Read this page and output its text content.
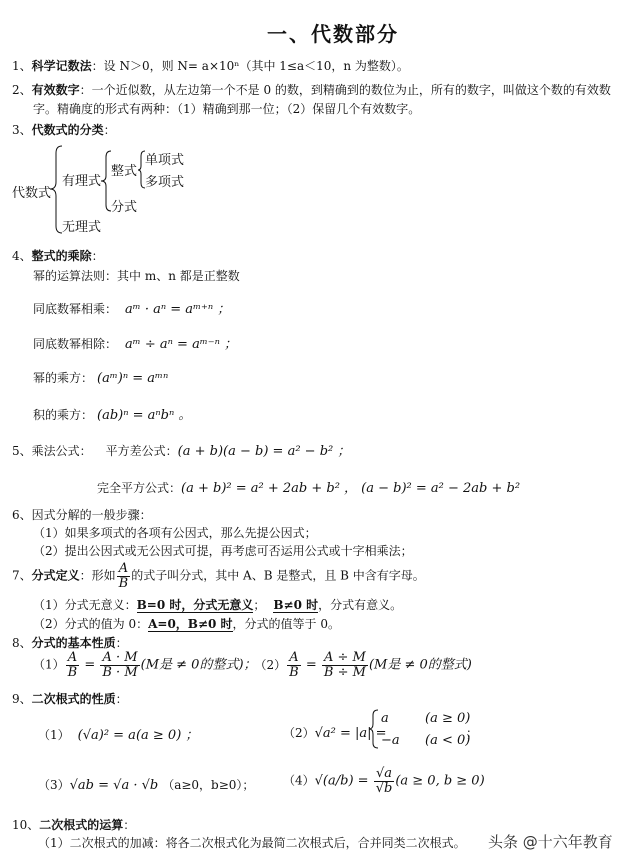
一、代数部分
1、科学记数法：设 N＞0，则 N= a×10ⁿ（其中 1≤a＜10，n 为整数）。
2、有效数字：一个近似数，从左边第一个不是 0 的数，到精确到的数位为止，所有的数字，叫做这个数的有效数
字。精确度的形式有两种：（1）精确到那一位；（2）保留几个有效数字。
3、代数式的分类：
代数式
有理式
无理式
整式
分式
单项式
多项式
4、整式的乘除：
幂的运算法则：其中 m、n 都是正整数
同底数幂相乘： aᵐ · aⁿ = aᵐ⁺ⁿ ；
同底数幂相除： aᵐ ÷ aⁿ = aᵐ⁻ⁿ ；
幂的乘方： (aᵐ)ⁿ = aᵐⁿ
积的乘方： (ab)ⁿ = aⁿbⁿ 。
5、乘法公式： 平方差公式：(a + b)(a − b) = a² − b² ；
完全平方公式：(a + b)² = a² + 2ab + b² ， (a − b)² = a² − 2ab + b²
6、因式分解的一般步骤：
（1）如果多项式的各项有公因式，那么先提公因式；
（2）提出公因式或无公因式可提，再考虑可否运用公式或十字相乘法；
7、分式定义：形如 $\frac{A}{B}$ 的式子叫分式，其中 A、B 是整式，且 B 中含有字母。
（1）分式无意义：B=0 时，分式无意义； B≠0 时，分式有意义。
（2）分式的值为 0：A=0，B≠0 时，分式的值等于 0。
8、分式的基本性质：
$(1) \frac{A}{B} = \frac{A \cdot M}{B \cdot M} (M$是 ≠ 0的整式)； $(2) \frac{A}{B} = \frac{A \div M}{B \div M} (M$是 ≠ 0的整式)
9、二次根式的性质：
（1） (√a)² = a(a ≥ 0) ；	（2）√a² = |a| =
a	(a ≥ 0)
−a (a < 0)
；
（3）√ab = √a · √b （a≥0，b≥0）； $(4)√(a/b) = \frac{√a}{√b} (a \ge 0$, b ≥ 0)
10、二次根式的运算：
（1）二次根式的加减：将各二次根式化为最简二次根式后，合并同类二次根式。 头条 @十六年教育
